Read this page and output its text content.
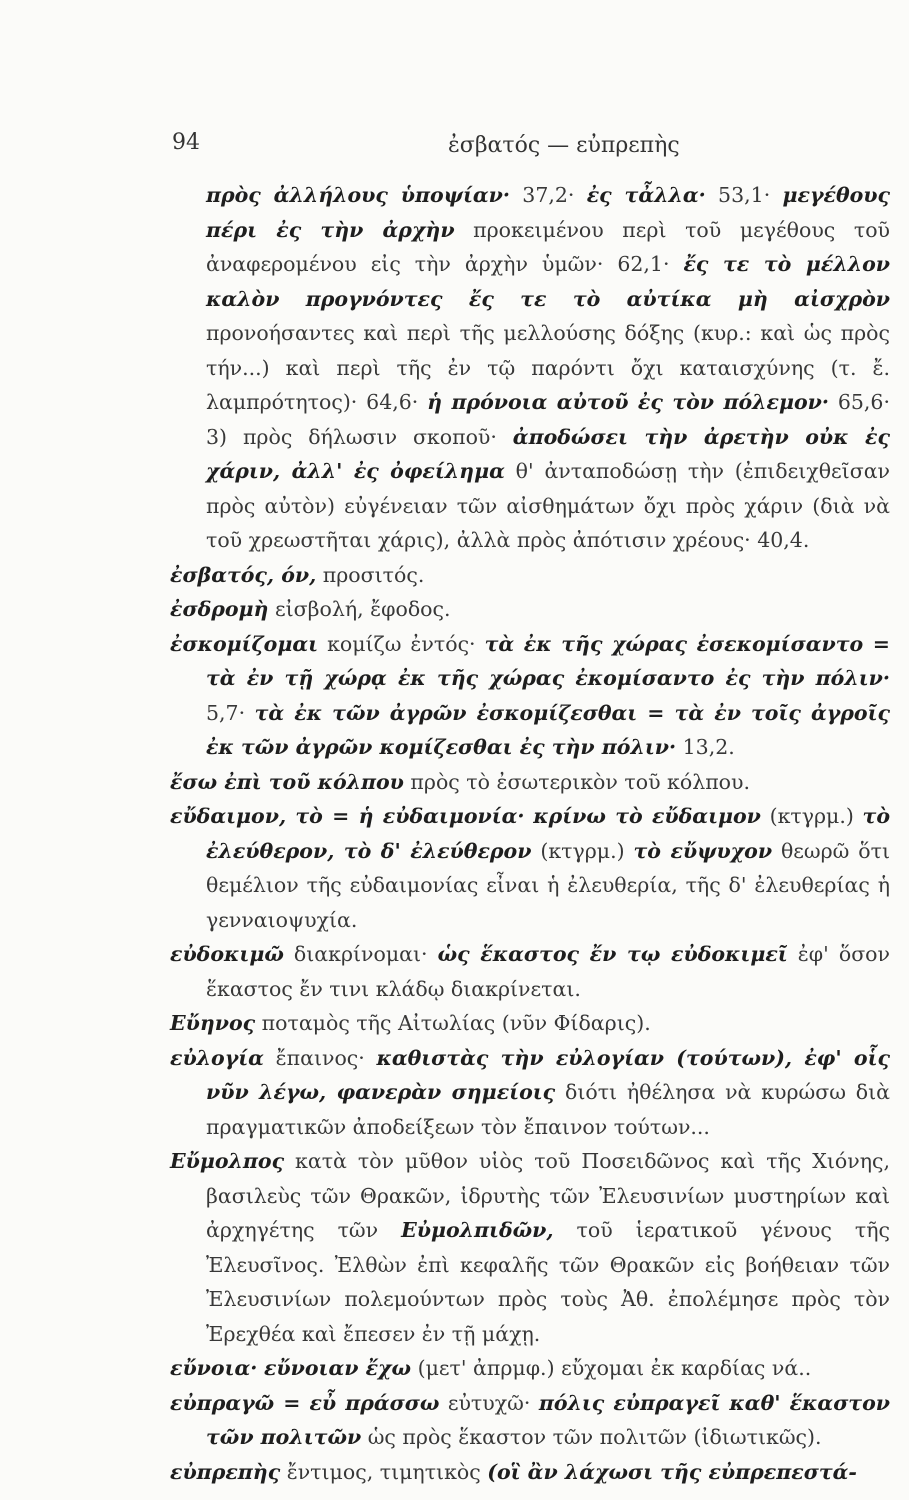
94	ἐσβατός — εὐπρεπὴς
πρὸς ἀλλήλους ὑποψίαν· 37,2· ἐς τἆλλα· 53,1· μεγέθους πέρι ἐς τὴν ἀρχὴν προκειμένου περὶ τοῦ μεγέθους τοῦ ἀναφερομένου εἰς τὴν ἀρχὴν ὑμῶν· 62,1· ἔς τε τὸ μέλλον καλὸν προγνόντες ἔς τε τὸ αὐτίκα μὴ αἰσχρὸν προνοήσαντες καὶ περὶ τῆς μελλούσης δόξης (κυρ.: καὶ ὡς πρὸς τήν...) καὶ περὶ τῆς ἐν τῷ παρόντι ὄχι καταισχύνης (τ. ἔ. λαμπρότητος)· 64,6· ἡ πρόνοια αὐτοῦ ἐς τὸν πόλεμον· 65,6· 3) πρὸς δήλωσιν σκοποῦ· ἀποδώσει τὴν ἀρετὴν οὐκ ἐς χάριν, ἀλλ' ἐς ὀφείλημα θ' ἀνταποδώσῃ τὴν (ἐπιδειχθεῖσαν πρὸς αὐτὸν) εὐγένειαν τῶν αἰσθημάτων ὄχι πρὸς χάριν (διὰ νὰ τοῦ χρεωστῆται χάρις), ἀλλὰ πρὸς ἀπότισιν χρέους· 40,4.
ἐσβατός, όν, προσιτός.
ἐσδρομὴ εἰσβολή, ἔφοδος.
ἐσκομίζομαι κομίζω ἐντός· τὰ ἐκ τῆς χώρας ἐσεκομίσαντο = τὰ ἐν τῇ χώρᾳ ἐκ τῆς χώρας ἐκομίσαντο ἐς τὴν πόλιν· 5,7· τὰ ἐκ τῶν ἀγρῶν ἐσκομίζεσθαι = τὰ ἐν τοῖς ἀγροῖς ἐκ τῶν ἀγρῶν κομίζεσθαι ἐς τὴν πόλιν· 13,2.
ἔσω ἐπὶ τοῦ κόλπου πρὸς τὸ ἐσωτερικὸν τοῦ κόλπου.
εὔδαιμον, τὸ = ἡ εὐδαιμονία· κρίνω τὸ εὔδαιμον (κτγρμ.) τὸ ἐλεύθερον, τὸ δ' ἐλεύθερον (κτγρμ.) τὸ εὔψυχον θεωρῶ ὅτι θεμέλιον τῆς εὐδαιμονίας εἶναι ἡ ἐλευθερία, τῆς δ' ἐλευθερίας ἡ γενναιοψυχία.
εὐδοκιμῶ διακρίνομαι· ὡς ἕκαστος ἔν τῳ εὐδοκιμεῖ ἐφ' ὅσον ἕκαστος ἔν τινι κλάδῳ διακρίνεται.
Εὔηνος ποταμὸς τῆς Αἰτωλίας (νῦν Φίδαρις).
εὐλογία ἔπαινος· καθιστὰς τὴν εὐλογίαν (τούτων), ἐφ' οἷς νῦν λέγω, φανερὰν σημείοις διότι ἠθέλησα νὰ κυρώσω διὰ πραγματικῶν ἀποδείξεων τὸν ἔπαινον τούτων...
Εὔμολπος κατὰ τὸν μῦθον υἱὸς τοῦ Ποσειδῶνος καὶ τῆς Χιόνης, βασιλεὺς τῶν Θρακῶν, ἱδρυτὴς τῶν Ἐλευσινίων μυστηρίων καὶ ἀρχηγέτης τῶν Εὐμολπιδῶν, τοῦ ἱερατικοῦ γένους τῆς Ἐλευσῖνος. Ἐλθὼν ἐπὶ κεφαλῆς τῶν Θρακῶν εἰς βοήθειαν τῶν Ἐλευσινίων πολεμούντων πρὸς τοὺς Ἀθ. ἐπολέμησε πρὸς τὸν Ἐρεχθέα καὶ ἔπεσεν ἐν τῇ μάχῃ.
εὔνοια· εὔνοιαν ἔχω (μετ' ἀπρμφ.) εὔχομαι ἐκ καρδίας νά..
εὐπραγῶ = εὖ πράσσω εὐτυχῶ· πόλις εὐπραγεῖ καθ' ἕκαστον τῶν πολιτῶν ὡς πρὸς ἕκαστον τῶν πολιτῶν (ἰδιωτικῶς).
εὐπρεπὴς ἔντιμος, τιμητικὸς (οἳ ἂν λάχωσι τῆς εὐπρεπεστά-
